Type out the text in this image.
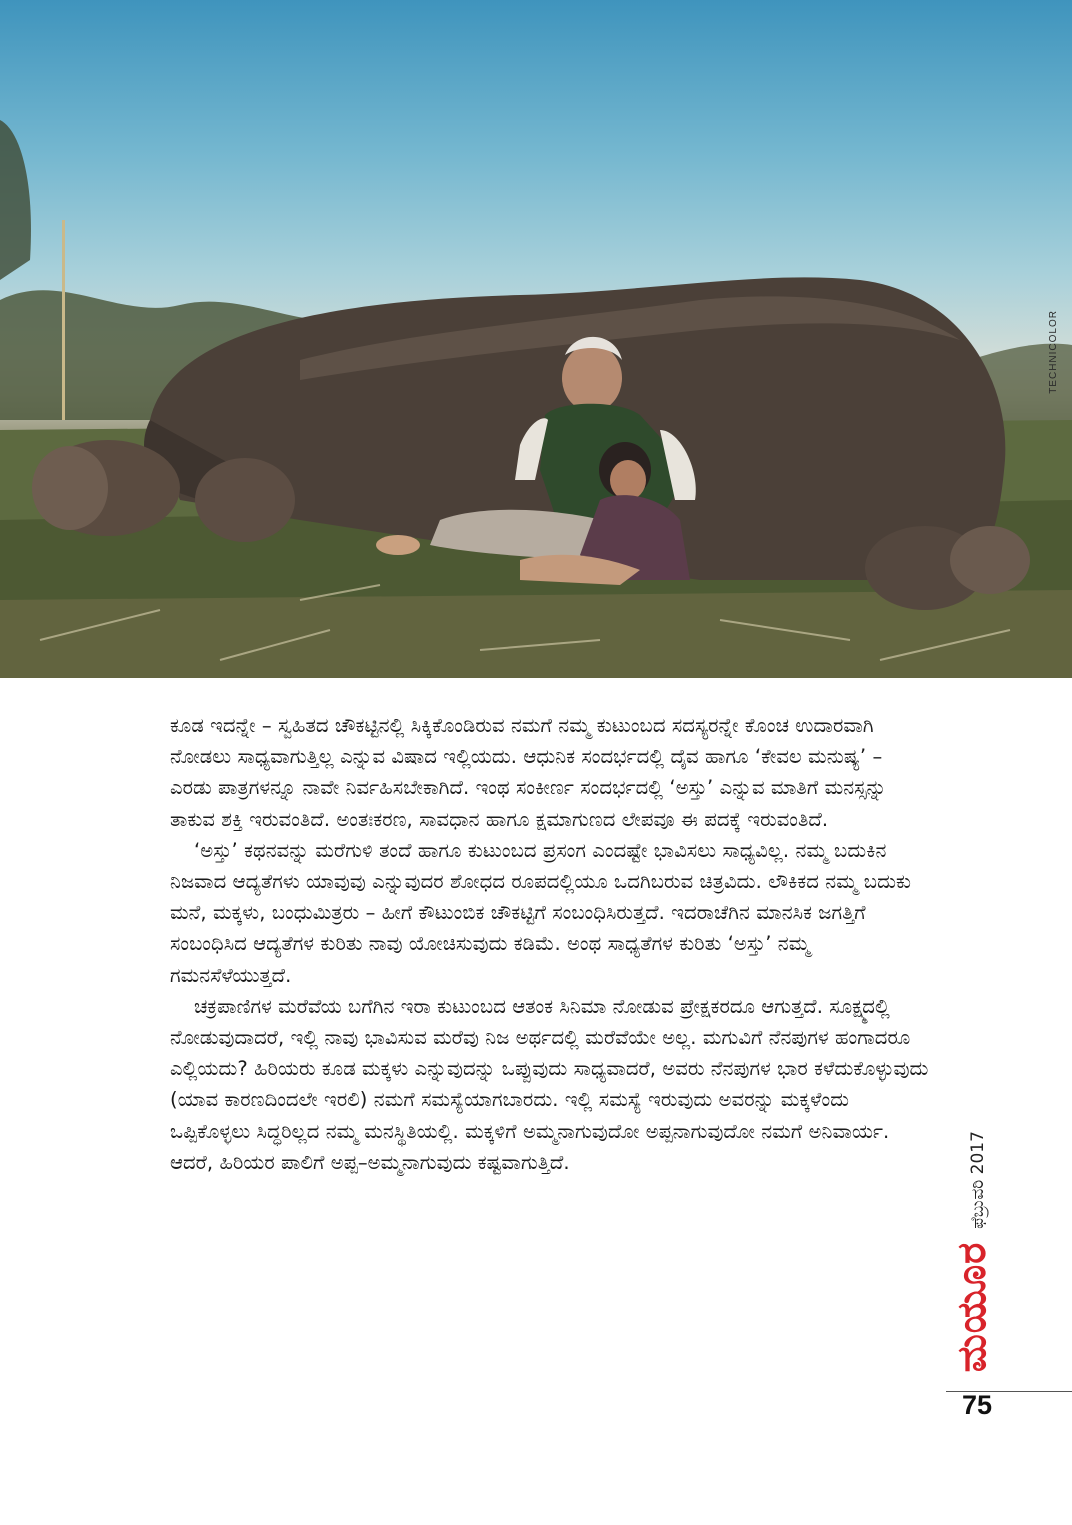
TECHNICOLOR

ಕೂಡ ಇದನ್ನೇ – ಸ್ವಹಿತದ ಚೌಕಟ್ಟಿನಲ್ಲಿ ಸಿಕ್ಕಿಕೊಂಡಿರುವ ನಮಗೆ ನಮ್ಮ ಕುಟುಂಬದ ಸದಸ್ಯರನ್ನೇ ಕೊಂಚ ಉದಾರವಾಗಿ ನೋಡಲು ಸಾಧ್ಯವಾಗುತ್ತಿಲ್ಲ ಎನ್ನುವ ವಿಷಾದ ಇಲ್ಲಿಯದು. ಆಧುನಿಕ ಸಂದರ್ಭದಲ್ಲಿ ದೈವ ಹಾಗೂ ‘ಕೇವಲ ಮನುಷ್ಯ’ – ಎರಡು ಪಾತ್ರಗಳನ್ನೂ ನಾವೇ ನಿರ್ವಹಿಸಬೇಕಾಗಿದೆ. ಇಂಥ ಸಂಕೀರ್ಣ ಸಂದರ್ಭದಲ್ಲಿ ‘ಅಸ್ತು’ ಎನ್ನುವ ಮಾತಿಗೆ ಮನಸ್ಸನ್ನು ತಾಕುವ ಶಕ್ತಿ ಇರುವಂತಿದೆ. ಅಂತಃಕರಣ, ಸಾವಧಾನ ಹಾಗೂ ಕ್ಷಮಾಗುಣದ ಲೇಪವೂ ಈ ಪದಕ್ಕೆ ಇರುವಂತಿದೆ.

‘ಅಸ್ತು’ ಕಥನವನ್ನು ಮರೆಗುಳಿ ತಂದೆ ಹಾಗೂ ಕುಟುಂಬದ ಪ್ರಸಂಗ ಎಂದಷ್ಟೇ ಭಾವಿಸಲು ಸಾಧ್ಯವಿಲ್ಲ. ನಮ್ಮ ಬದುಕಿನ ನಿಜವಾದ ಆದ್ಯತೆಗಳು ಯಾವುವು ಎನ್ನುವುದರ ಶೋಧದ ರೂಪದಲ್ಲಿಯೂ ಒದಗಿಬರುವ ಚಿತ್ರವಿದು. ಲೌಕಿಕದ ನಮ್ಮ ಬದುಕು ಮನೆ, ಮಕ್ಕಳು, ಬಂಧುಮಿತ್ರರು – ಹೀಗೆ ಕೌಟುಂಬಿಕ ಚೌಕಟ್ಟಿಗೆ ಸಂಬಂಧಿಸಿರುತ್ತದೆ. ಇದರಾಚೆಗಿನ ಮಾನಸಿಕ ಜಗತ್ತಿಗೆ ಸಂಬಂಧಿಸಿದ ಆದ್ಯತೆಗಳ ಕುರಿತು ನಾವು ಯೋಚಿಸುವುದು ಕಡಿಮೆ. ಅಂಥ ಸಾಧ್ಯತೆಗಳ ಕುರಿತು ‘ಅಸ್ತು’ ನಮ್ಮ ಗಮನಸೆಳೆಯುತ್ತದೆ.

ಚಕ್ರಪಾಣಿಗಳ ಮರೆವೆಯ ಬಗೆಗಿನ ಇರಾ ಕುಟುಂಬದ ಆತಂಕ ಸಿನಿಮಾ ನೋಡುವ ಪ್ರೇಕ್ಷಕರದೂ ಆಗುತ್ತದೆ. ಸೂಕ್ಷ್ಮದಲ್ಲಿ ನೋಡುವುದಾದರೆ, ಇಲ್ಲಿ ನಾವು ಭಾವಿಸುವ ಮರೆವು ನಿಜ ಅರ್ಥದಲ್ಲಿ ಮರೆವೆಯೇ ಅಲ್ಲ. ಮಗುವಿಗೆ ನೆನಪುಗಳ ಹಂಗಾದರೂ ಎಲ್ಲಿಯದು? ಹಿರಿಯರು ಕೂಡ ಮಕ್ಕಳು ಎನ್ನುವುದನ್ನು ಒಪ್ಪುವುದು ಸಾಧ್ಯವಾದರೆ, ಅವರು ನೆನಪುಗಳ ಭಾರ ಕಳೆದುಕೊಳ್ಳುವುದು (ಯಾವ ಕಾರಣದಿಂದಲೇ ಇರಲಿ) ನಮಗೆ ಸಮಸ್ಯೆಯಾಗಬಾರದು. ಇಲ್ಲಿ ಸಮಸ್ಯೆ ಇರುವುದು ಅವರನ್ನು ಮಕ್ಕಳೆಂದು ಒಪ್ಪಿಕೊಳ್ಳಲು ಸಿದ್ಧರಿಲ್ಲದ ನಮ್ಮ ಮನಸ್ಥಿತಿಯಲ್ಲಿ. ಮಕ್ಕಳಿಗೆ ಅಮ್ಮನಾಗುವುದೋ ಅಪ್ಪನಾಗುವುದೋ ನಮಗೆ ಅನಿವಾರ್ಯ. ಆದರೆ, ಹಿರಿಯರ ಪಾಲಿಗೆ ಅಪ್ಪ–ಅಮ್ಮನಾಗುವುದು ಕಷ್ಟವಾಗುತ್ತಿದೆ.	ಫೆಬ್ರುವರಿ 2017
ಮಯೂರ
75
